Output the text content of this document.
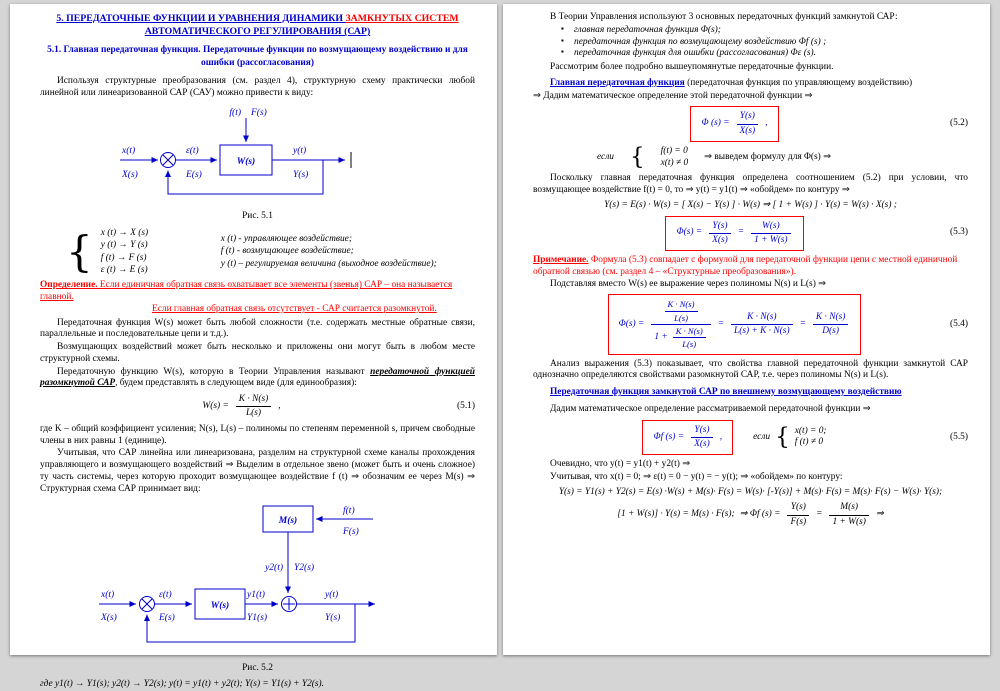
5. ПЕРЕДАТОЧНЫЕ ФУНКЦИИ И УРАВНЕНИЯ ДИНАМИКИ ЗАМКНУТЫХ СИСТЕМ АВТОМАТИЧЕСКОГО РЕГУЛИРОВАНИЯ (САР)

5.1. Главная передаточная функция. Передаточные функции по возмущающему воздействию и для ошибки (рассогласования)

Используя структурные преобразования (см. раздел 4), структурную схему практически любой линейной или линеаризованной САР (САУ) можно привести к виду:

x(t)
X(s)
ε(t)
E(s)
W(s)
f(t) F(s)
y(t)
Y(s)

Рис. 5.1

{ x (t) → X (s)
y (t) → Y (s)
f (t) → F (s)
ε (t) → E (s)
x (t) - управляющее воздействие;
f (t) - возмущающее воздействие;
y (t) – регулируемая величина (выходное воздействие);

Определение. Если единичная обратная связь охватывает все элементы (звенья) САР – она называется главной.

Если главная обратная связь отсутствует - САР считается разомкнутой.

Передаточная функция W(s) может быть любой сложности (т.е. содержать местные обратные связи, параллельные и последовательные цепи и т.д.).

Возмущающих воздействий может быть несколько и приложены они могут быть в любом месте структурной схемы.

Передаточную функцию W(s), которую в Теории Управления называют передаточной функцией разомкнутой САР, будем представлять в следующем виде (для единообразия):

$W(s) = \frac{K \cdot N(s)}{L(s)}$ ,	(5.1)

где K – общий коэффициент усиления; N(s), L(s) – полиномы по степеням переменной s, причем свободные члены в них равны 1 (единице).

Учитывая, что САР линейна или линеаризована, разделим на структурной схеме каналы прохождения управляющего и возмущающего воздействий ⇒ Выделим в отдельное звено (может быть и очень сложное) ту часть системы, через которую проходит возмущающее воздействие f (t) ⇒ обозначим ее через M(s) ⇒ Структурная схема САР принимает вид:

M(s)
f(t)
F(s)
y2(t) Y2(s)
x(t)
X(s)
ε(t)
E(s)
W(s)
y1(t)
Y1(s)
y(t)
Y(s)

Рис. 5.2

где y1(t) → Y1(s); y2(t) → Y2(s); y(t) = y1(t) + y2(t); Y(s) = Y1(s) + Y2(s).

В Теории Управления используют 3 основных передаточных функций замкнутой САР:

▪ главная передаточная функция Φ(s);
▪ передаточная функция по возмущающему воздействию Φf (s) ;
▪ передаточная функция для ошибки (рассогласования) Φε (s).

Рассмотрим более подробно вышеупомянутые передаточные функции.

Главная передаточная функция (передаточная функция по управляющему воздействию)

⇒ Дадим математическое определение этой передаточной функции ⇒

Φ $(s) = \frac{Y(s)}{X(s)}$ ,	(5.2)
если { f(t) = 0
x(t) ≠ 0
⇒ выведем формулу для Φ(s) ⇒

Поскольку главная передаточная функция определена соотношением (5.2) при условии, что возмущающее воздействие f(t) = 0, то ⇒ y(t) = y1(t) ⇒ «обойдем» по контуру ⇒

Y(s) = E(s) · W(s) = [ X(s) − Y(s) ] · W(s) ⇒ [ 1 + W(s) ] · Y(s) = W(s) · X(s) ;

$\Phi(s) = \frac{Y(s)}{X(s)} = \frac{W(s)}{1 + W(s)}$	(5.3)

Примечание. Формула (5.3) совпадает с формулой для передаточной функции цепи с местной единичной обратной связью (см. раздел 4 – «Структурные преобразования»).

Подставляя вместо W(s) ее выражение через полиномы N(s) и L(s) ⇒

$\Phi(s) = \frac{\frac{K \cdot N(s)}{L(s)}}{1 + \frac{K \cdot N(s)}{L(s)}} = \frac{K \cdot N(s)}{L(s) + K \cdot N(s)} = \frac{K \cdot N(s)}{D(s)}$	(5.4)

Анализ выражения (5.3) показывает, что свойства главной передаточной функции замкнутой САР однозначно определяются свойствами разомкнутой САР, т.е. через полиномы N(s) и L(s).

Передаточная функция замкнутой САР по внешнему возмущающему воздействию

Дадим математическое определение рассматриваемой передаточной функции ⇒

Φf $(s) = \frac{Y(s)}{X(s)}$ ,	если { x(t) = 0;
f (t) ≠ 0
(5.5)

Очевидно, что y(t) = y1(t) + y2(t) ⇒

Учитывая, что x(t) = 0; ⇒ ε(t) = 0 − y(t) = − y(t); ⇒ «обойдем» по контуру:

Y(s) = Y1(s) + Y2(s) = E(s) ·W(s) + M(s)· F(s) = W(s)· [-Y(s)] + M(s)· F(s) = M(s)· F(s) − W(s)· Y(s);

[1 + W(s)] · Y(s) = M(s) · F(s); ⇒ Φf $(s) = \frac{Y(s)}{F(s)} = \frac{M(s)}{1 + W(s)}$ ⇒
